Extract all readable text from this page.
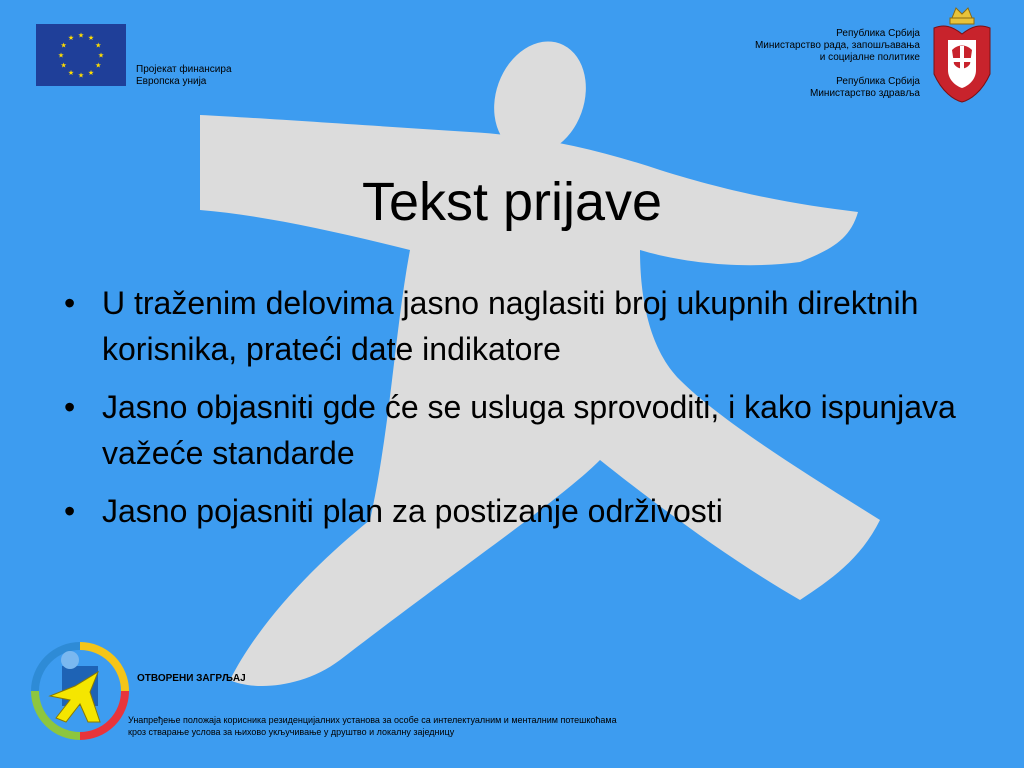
★ ★
★
★
★
★
★
★
★
★
★
★
Пројекат финансира
Европска унија
Република Србија
Министарство рада, запошљавања
и социјалне политике
Република Србија
Министарство здравља
Tekst prijave
• U traženim delovima jasno naglasiti broj ukupnih direktnih korisnika, prateći date indikatore
• Jasno objasniti gde će se usluga sprovoditi, i kako ispunjava važeće standarde
• Jasno pojasniti plan za postizanje održivosti
ОТВОРЕНИ ЗАГРЉАЈ
Унапређење положаја корисника резиденцијалних установа за особе са интелектуалним и менталним потешкоћама
кроз стварање услова за њихово укључивање у друштво и локалну заједницу
